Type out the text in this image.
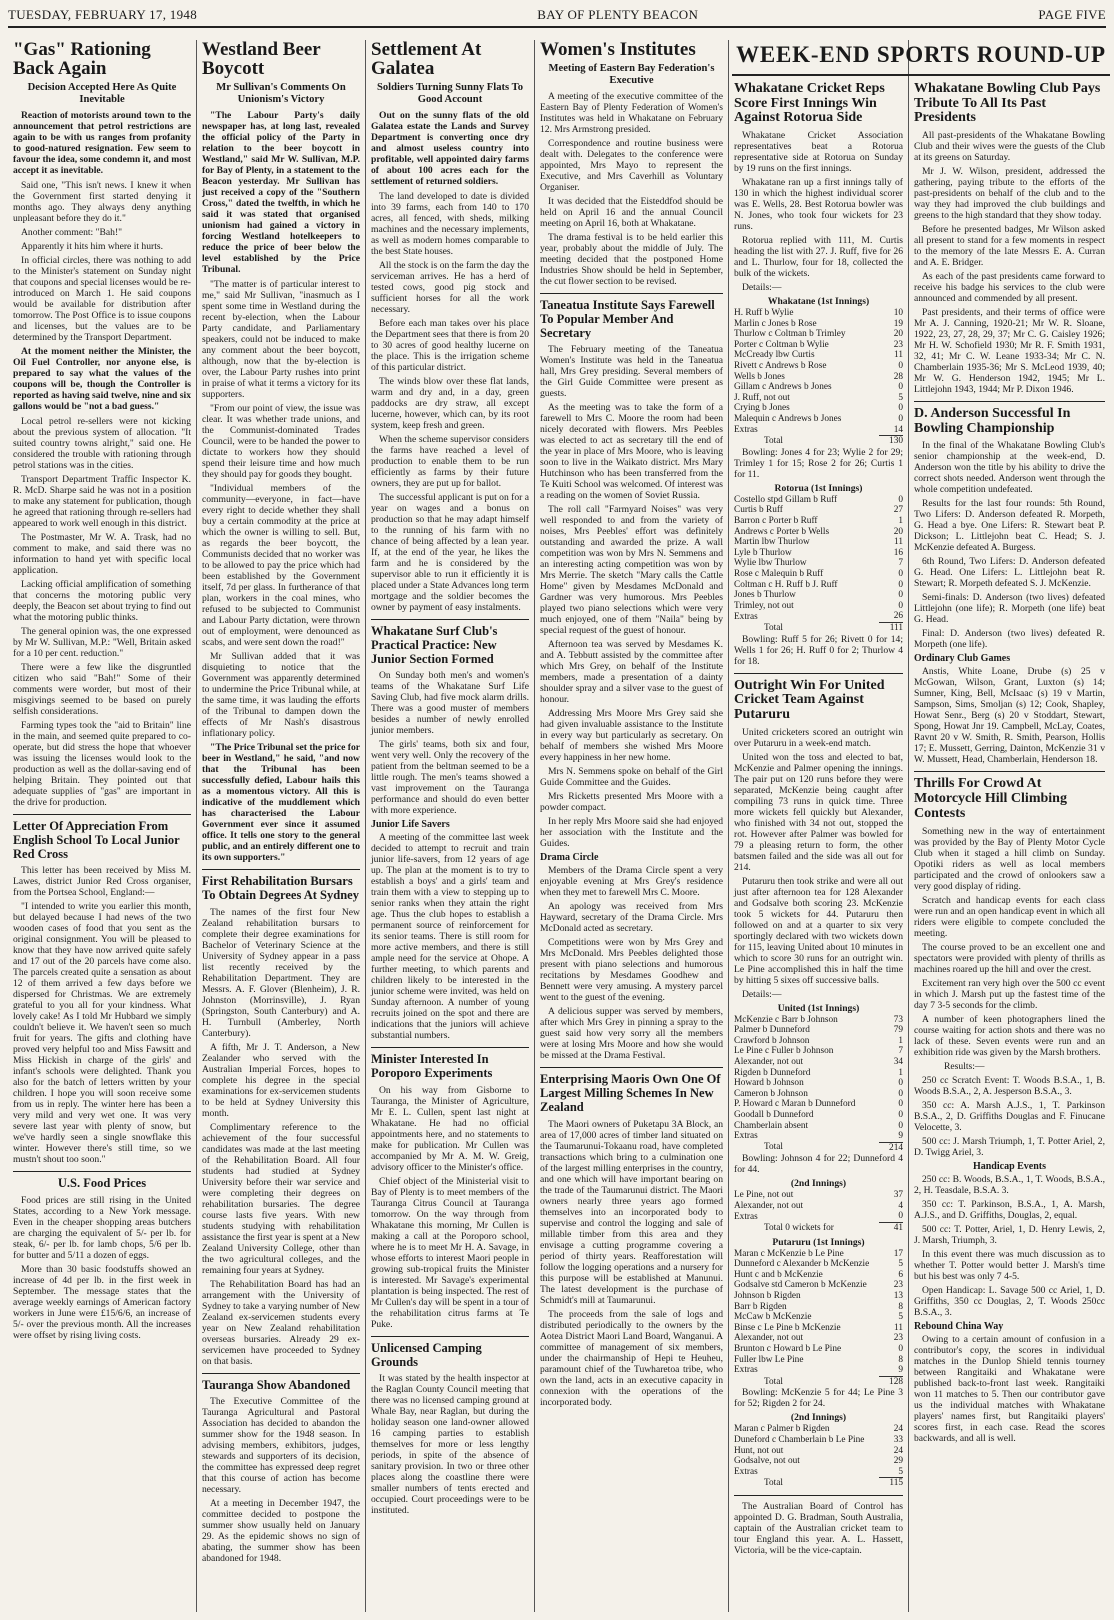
TUESDAY, FEBRUARY 17, 1948	BAY OF PLENTY BEACON	PAGE FIVE
"Gas" Rationing Back Again
Decision Accepted Here As Quite Inevitable

Reaction of motorists around town to the announcement that petrol restrictions are again to be with us ranges from profanity to good-natured resignation. Few seem to favour the idea, some condemn it, and most accept it as inevitable.

Said one, "This isn't news. I knew it when the Government first started denying it months ago. They always deny anything unpleasant before they do it."

Another comment: "Bah!"

Apparently it hits him where it hurts.

In official circles, there was nothing to add to the Minister's statement on Sunday night that coupons and special licenses would be re-introduced on March 1. He said coupons would be available for distribution after tomorrow. The Post Office is to issue coupons and licenses, but the values are to be determined by the Transport Department.

At the moment neither the Minister, the Oil Fuel Controller, nor anyone else, is prepared to say what the values of the coupons will be, though the Controller is reported as having said twelve, nine and six gallons would be "not a bad guess."

Local petrol re-sellers were not kicking about the previous system of allocation. "It suited country towns alright," said one. He considered the trouble with rationing through petrol stations was in the cities.

Transport Department Traffic Inspector K. R. McD. Sharpe said he was not in a position to make any statement for publication, though he agreed that rationing through re-sellers had appeared to work well enough in this district.

The Postmaster, Mr W. A. Trask, had no comment to make, and said there was no information to hand yet with specific local application.

Lacking official amplification of something that concerns the motoring public very deeply, the Beacon set about trying to find out what the motoring public thinks.

The general opinion was, the one expressed by Mr W. Sullivan, M.P.: "Well, Britain asked for a 10 per cent. reduction."

There were a few like the disgruntled citizen who said "Bah!" Some of their comments were worder, but most of their misgivings seemed to be based on purely selfish considerations.

Farming types took the "aid to Britain" line in the main, and seemed quite prepared to co-operate, but did stress the hope that whoever was issuing the licenses would look to the production as well as the dollar-saving end of helping Britain. They pointed out that adequate supplies of "gas" are important in the drive for production.

Letter Of Appreciation From English School To Local Junior Red Cross

This letter has been received by Miss M. Lawes, district Junior Red Cross organiser, from the Portsea School, England:—

"I intended to write you earlier this month, but delayed because I had news of the two wooden cases of food that you sent as the original consignment. You will be pleased to know that they have now arrived quite safely and 17 out of the 20 parcels have come also. The parcels created quite a sensation as about 12 of them arrived a few days before we dispersed for Christmas. We are extremely grateful to you all for your kindness. What lovely cake! As I told Mr Hubbard we simply couldn't believe it. We haven't seen so much fruit for years. The gifts and clothing have proved very helpful too and Miss Fawsitt and Miss Hickish in charge of the girls' and infant's schools were delighted. Thank you also for the batch of letters written by your children. I hope you will soon receive some from us in reply. The winter here has been a very mild and very wet one. It was very severe last year with plenty of snow, but we've hardly seen a single snowflake this winter. However there's still time, so we mustn't shout too soon."

U.S. Food Prices

Food prices are still rising in the United States, according to a New York message. Even in the cheaper shopping areas butchers are charging the equivalent of 5/- per lb. for steak, 6/- per lb. for lamb chops, 5/6 per lb. for butter and 5/11 a dozen of eggs.

More than 30 basic foodstuffs showed an increase of 4d per lb. in the first week in September. The message states that the average weekly earnings of American factory workers in June were £15/6/6, an increase of 5/- over the previous month. All the increases were offset by rising living costs.

Westland Beer Boycott
Mr Sullivan's Comments On Unionism's Victory

"The Labour Party's daily newspaper has, at long last, revealed the official policy of the Party in relation to the beer boycott in Westland," said Mr W. Sullivan, M.P. for Bay of Plenty, in a statement to the Beacon yesterday. Mr Sullivan has just received a copy of the "Southern Cross," dated the twelfth, in which he said it was stated that organised unionism had gained a victory in forcing Westland hotelkeepers to reduce the price of beer below the level established by the Price Tribunal.

"The matter is of particular interest to me," said Mr Sullivan, "inasmuch as I spent some time in Westland during the recent by-election, when the Labour Party candidate, and Parliamentary speakers, could not be induced to make any comment about the beer boycott, although, now that the by-election is over, the Labour Party rushes into print in praise of what it terms a victory for its supporters.

"From our point of view, the issue was clear. It was whether trade unions, and the Communist-dominated Trades Council, were to be handed the power to dictate to workers how they should spend their leisure time and how much they should pay for goods they bought.

"Individual members of the community—everyone, in fact—have every right to decide whether they shall buy a certain commodity at the price at which the owner is willing to sell. But, as regards the beer boycott, the Communists decided that no worker was to be allowed to pay the price which had been established by the Government itself, 7d per glass. In furtherance of that plan, workers in the coal mines, who refused to be subjected to Communist and Labour Party dictation, were thrown out of employment, were denounced as scabs, and were sent down the road!"

Mr Sullivan added that it was disquieting to notice that the Government was apparently determined to undermine the Price Tribunal while, at the same time, it was lauding the efforts of the Tribunal to dampen down the effects of Mr Nash's disastrous inflationary policy.

"The Price Tribunal set the price for beer in Westland," he said, "and now that the Tribunal has been successfully defied, Labour hails this as a momentous victory. All this is indicative of the muddlement which has characterised the Labour Government ever since it assumed office. It tells one story to the general public, and an entirely different one to its own supporters."

First Rehabilitation Bursars To Obtain Degrees At Sydney

The names of the first four New Zealand rehabilitation bursars to complete their degree examinations for Bachelor of Veterinary Science at the University of Sydney appear in a pass list recently received by the Rehabilitation Department. They are Messrs. A. F. Glover (Blenheim), J. R. Johnston (Morrinsville), J. Ryan (Springston, South Canterbury) and A. H. Turnbull (Amberley, North Canterbury).

A fifth, Mr J. T. Anderson, a New Zealander who served with the Australian Imperial Forces, hopes to complete his degree in the special examinations for ex-servicemen students to be held at Sydney University this month.

Complimentary reference to the achievement of the four successful candidates was made at the last meeting of the Rehabilitation Board. All four students had studied at Sydney University before their war service and were completing their degrees on rehabilitation bursaries. The degree course lasts five years. With new students studying with rehabilitation assistance the first year is spent at a New Zealand University College, other than the two agricultural colleges, and the remaining four years at Sydney.

The Rehabilitation Board has had an arrangement with the University of Sydney to take a varying number of New Zealand ex-servicemen students every year on New Zealand rehabilitation overseas bursaries. Already 29 ex-servicemen have proceeded to Sydney on that basis.

Tauranga Show Abandoned

The Executive Committee of the Tauranga Agricultural and Pastoral Association has decided to abandon the summer show for the 1948 season. In advising members, exhibitors, judges, stewards and supporters of its decision, the committee has expressed deep regret that this course of action has become necessary.

At a meeting in December 1947, the committee decided to postpone the summer show usually held on January 29. As the epidemic shows no sign of abating, the summer show has been abandoned for 1948.

Settlement At Galatea
Soldiers Turning Sunny Flats To Good Account

Out on the sunny flats of the old Galatea estate the Lands and Survey Department is converting once dry and almost useless country into profitable, well appointed dairy farms of about 100 acres each for the settlement of returned soldiers.

The land developed to date is divided into 39 farms, each from 140 to 170 acres, all fenced, with sheds, milking machines and the necessary implements, as well as modern homes comparable to the best State houses.

All the stock is on the farm the day the serviceman arrives. He has a herd of tested cows, good pig stock and sufficient horses for all the work necessary.

Before each man takes over his place the Department sees that there is from 20 to 30 acres of good healthy lucerne on the place. This is the irrigation scheme of this particular district.

The winds blow over these flat lands, warm and dry and, in a day, green paddocks are dry straw, all except lucerne, however, which can, by its root system, keep fresh and green.

When the scheme supervisor considers the farms have reached a level of production to enable them to be run efficiently as farms by their future owners, they are put up for ballot.

The successful applicant is put on for a year on wages and a bonus on production so that he may adapt himself to the running of his farm with no chance of being affected by a lean year. If, at the end of the year, he likes the farm and he is considered by the supervisor able to run it efficiently it is placed under a State Advances long term mortgage and the soldier becomes the owner by payment of easy instalments.

Whakatane Surf Club's Practical Practice: New Junior Section Formed

On Sunday both men's and women's teams of the Whakatane Surf Life Saving Club, had five mock alarm drills. There was a good muster of members besides a number of newly enrolled junior members.

The girls' teams, both six and four, went very well. Only the recovery of the patient from the beltman seemed to be a little rough. The men's teams showed a vast improvement on the Tauranga performance and should do even better with more experience.

Junior Life Savers

A meeting of the committee last week decided to attempt to recruit and train junior life-savers, from 12 years of age up. The plan at the moment is to try to establish a boys' and a girls' team and train them with a view to stepping up to senior ranks when they attain the right age. Thus the club hopes to establish a permanent source of reinforcement for its senior teams. There is still room for more active members, and there is still ample need for the service at Ohope. A further meeting, to which parents and children likely to be interested in the junior scheme were invited, was held on Sunday afternoon. A number of young recruits joined on the spot and there are indications that the juniors will achieve substantial numbers.

Minister Interested In Poroporo Experiments

On his way from Gisborne to Tauranga, the Minister of Agriculture, Mr E. L. Cullen, spent last night at Whakatane. He had no official appointments here, and no statements to make for publication. Mr Cullen was accompanied by Mr A. M. W. Greig, advisory officer to the Minister's office.

Chief object of the Ministerial visit to Bay of Plenty is to meet members of the Tauranga Citrus Council at Tauranga tomorrow. On the way through from Whakatane this morning, Mr Cullen is making a call at the Poroporo school, where he is to meet Mr H. A. Savage, in whose efforts to interest Maori people in growing sub-tropical fruits the Minister is interested. Mr Savage's experimental plantation is being inspected. The rest of Mr Cullen's day will be spent in a tour of the rehabilitation citrus farms at Te Puke.

Unlicensed Camping Grounds

It was stated by the health inspector at the Raglan County Council meeting that there was no licensed camping ground at Whale Bay, near Raglan, but during the holiday season one land-owner allowed 16 camping parties to establish themselves for more or less lengthy periods, in spite of the absence of sanitary provision. In two or three other places along the coastline there were smaller numbers of tents erected and occupied. Court proceedings were to be instituted.

Women's Institutes
Meeting of Eastern Bay Federation's Executive

A meeting of the executive committee of the Eastern Bay of Plenty Federation of Women's Institutes was held in Whakatane on February 12. Mrs Armstrong presided.

Correspondence and routine business were dealt with. Delegates to the conference were appointed, Mrs Mayo to represent the Executive, and Mrs Caverhill as Voluntary Organiser.

It was decided that the Eisteddfod should be held on April 16 and the annual Council meeting on April 16, both at Whakatane.

The drama festival is to be held earlier this year, probably about the middle of July. The meeting decided that the postponed Home Industries Show should be held in September, the cut flower section to be revised.

Taneatua Institute Says Farewell To Popular Member And Secretary

The February meeting of the Taneatua Women's Institute was held in the Taneatua hall, Mrs Grey presiding. Several members of the Girl Guide Committee were present as guests.

As the meeting was to take the form of a farewell to Mrs C. Moore the room had been nicely decorated with flowers. Mrs Peebles was elected to act as secretary till the end of the year in place of Mrs Moore, who is leaving soon to live in the Waikato district. Mrs Mary Hutchinson who has been transferred from the Te Kuiti School was welcomed. Of interest was a reading on the women of Soviet Russia.

The roll call "Farmyard Noises" was very well responded to and from the variety of noises, Mrs Peebles' effort was definitely outstanding and awarded the prize. A wall competition was won by Mrs N. Semmens and an interesting acting competition was won by Mrs Merrie. The sketch "Mary calls the Cattle Home" given by Mesdames McDonald and Gardner was very humorous. Mrs Peebles played two piano selections which were very much enjoyed, one of them "Naila" being by special request of the guest of honour.

Afternoon tea was served by Mesdames K. and A. Tebbutt assisted by the committee after which Mrs Grey, on behalf of the Institute members, made a presentation of a dainty shoulder spray and a silver vase to the guest of honour.

Addressing Mrs Moore Mrs Grey said she had given invaluable assistance to the Institute in every way but particularly as secretary. On behalf of members she wished Mrs Moore every happiness in her new home.

Mrs N. Semmens spoke on behalf of the Girl Guide Committee and the Guides.

Mrs Ricketts presented Mrs Moore with a powder compact.

In her reply Mrs Moore said she had enjoyed her association with the Institute and the Guides.

Drama Circle

Members of the Drama Circle spent a very enjoyable evening at Mrs Grey's residence when they met to farewell Mrs C. Moore.

An apology was received from Mrs Hayward, secretary of the Drama Circle. Mrs McDonald acted as secretary.

Competitions were won by Mrs Grey and Mrs McDonald. Mrs Peebles delighted those present with piano selections and humorous recitations by Mesdames Goodhew and Bennett were very amusing. A mystery parcel went to the guest of the evening.

A delicious supper was served by members, after which Mrs Grey in pinning a spray to the guest said how very sorry all the members were at losing Mrs Moore and how she would be missed at the Drama Festival.

Enterprising Maoris Own One Of Largest Milling Schemes In New Zealand

The Maori owners of Puketapu 3A Block, an area of 17,000 acres of timber land situated on the Taumarunui-Tokaanu road, have completed transactions which bring to a culmination one of the largest milling enterprises in the country, and one which will have important bearing on the trade of the Taumarunui district. The Maori owners nearly three years ago formed themselves into an incorporated body to supervise and control the logging and sale of millable timber from this area and they envisage a cutting programme covering a period of thirty years. Reafforestation will follow the logging operations and a nursery for this purpose will be established at Manunui. The latest development is the purchase of Schmidt's mill at Taumarunui.

The proceeds from the sale of logs and distributed periodically to the owners by the Aotea District Maori Land Board, Wanganui. A committee of management of six members, under the chairmanship of Hepi te Heuheu, paramount chief of the Tuwharetoa tribe, who own the land, acts in an executive capacity in connexion with the operations of the incorporated body.

WEEK-END SPORTS ROUND-UP
Whakatane Cricket Reps Score First Innings Win Against Rotorua Side

Whakatane Cricket Association representatives beat a Rotorua representative side at Rotorua on Sunday by 19 runs on the first innings.

Whakatane ran up a first innings tally of 130 in which the highest individual scorer was E. Wells, 28. Best Rotorua bowler was N. Jones, who took four wickets for 23 runs.

Rotorua replied with 111, M. Curtis heading the list with 27. J. Ruff, five for 26 and L. Thurlow, four for 18, collected the bulk of the wickets.

Details:—
Whakatane (1st Innings)
H. Ruff b Wylie	10
Marlin c Jones b Rose	19
Thurlow c Coltman b Trimley	20
Porter c Coltman b Wylie	23
McCready lbw Curtis	11
Rivett c Andrews b Rose	0
Wells b Jones	28
Gillam c Andrews b Jones	0
J. Ruff, not out	5
Crying b Jones	0
Malequin c Andrews b Jones	0
Extras	14
Total	130

Bowling: Jones 4 for 23; Wylie 2 for 29; Trimley 1 for 15; Rose 2 for 26; Curtis 1 for 11.

Rotorua (1st Innings)
Costello stpd Gillam b Ruff	0
Curtis b Ruff	27
Barron c Porter b Ruff	1
Andrews c Porter b Wells	20
Martin lbw Thurlow	11
Lyle b Thurlow	16
Wylie lbw Thurlow	7
Rose c Malequin b Ruff	0
Coltman c H. Ruff b J. Ruff	0
Jones b Thurlow	0
Trimley, not out	0
Extras	26
Total	111

Bowling: Ruff 5 for 26; Rivett 0 for 14; Wells 1 for 26; H. Ruff 0 for 2; Thurlow 4 for 18.

Outright Win For United Cricket Team Against Putaruru

United cricketers scored an outright win over Putaruru in a week-end match.

United won the toss and elected to bat, McKenzie and Palmer opening the innings. The pair put on 120 runs before they were separated, McKenzie being caught after compiling 73 runs in quick time. Three more wickets fell quickly but Alexander, who finished with 34 not out, stopped the rot. However after Palmer was bowled for 79 a pleasing return to form, the other batsmen failed and the side was all out for 214.

Putaruru then took strike and were all out just after afternoon tea for 128 Alexander and Godsalve both scoring 23. McKenzie took 5 wickets for 44. Putaruru then followed on and at a quarter to six very sportingly declared with two wickets down for 115, leaving United about 10 minutes in which to score 30 runs for an outright win. Le Pine accomplished this in half the time by hitting 5 sixes off successive balls.

Details:—
United (1st Innings)
McKenzie c Barr b Johnson	73
Palmer b Dunneford	79
Crawford b Johnson	1
Le Pine c Fuller b Johnson	7
Alexander, not out	34
Rigden b Dunneford	1
Howard b Johnson	0
Cameron b Johnson	0
P. Howard c Maran b Dunneford	0
Goodall b Dunneford	0
Chamberlain absent	0
Extras	9
Total	214

Bowling: Johnson 4 for 22; Dunneford 4 for 44.

(2nd Innings)
Le Pine, not out	37
Alexander, not out	4
Extras	0
Total 0 wickets for	41
Putaruru (1st Innings)
Maran c McKenzie b Le Pine	17
Dunneford c Alexander b McKenzie	5
Hunt c and b McKenzie	6
Godsalve std Cameron b McKenzie	23
Johnson b Rigden	13
Barr b Rigden	8
McCaw b McKenzie	5
Binse c Le Pine b McKenzie	11
Alexander, not out	23
Brunton c Howard b Le Pine	0
Fuller lbw Le Pine	8
Extras	9
Total	128

Bowling: McKenzie 5 for 44; Le Pine 3 for 52; Rigden 2 for 24.

(2nd Innings)
Maran c Palmer b Rigden	24
Duneford c Chamberlain b Le Pine	33
Hunt, not out	24
Godsalve, not out	29
Extras	5
Total	115

The Australian Board of Control has appointed D. G. Bradman, South Australia, captain of the Australian cricket team to tour England this year. A. L. Hassett, Victoria, will be the vice-captain.

Whakatane Bowling Club Pays Tribute To All Its Past Presidents

All past-presidents of the Whakatane Bowling Club and their wives were the guests of the Club at its greens on Saturday.

Mr J. W. Wilson, president, addressed the gathering, paying tribute to the efforts of the past-presidents on behalf of the club and to the way they had improved the club buildings and greens to the high standard that they show today.

Before he presented badges, Mr Wilson asked all present to stand for a few moments in respect to the memory of the late Messrs E. A. Curran and A. E. Bridger.

As each of the past presidents came forward to receive his badge his services to the club were announced and commended by all present.

Past presidents, and their terms of office were Mr A. J. Canning, 1920-21; Mr W. R. Sloane, 1922, 23, 27, 28, 29, 37; Mr C. G. Caisley 1926; Mr H. W. Schofield 1930; Mr R. F. Smith 1931, 32, 41; Mr C. W. Leane 1933-34; Mr C. N. Chamberlain 1935-36; Mr S. McLeod 1939, 40; Mr W. G. Henderson 1942, 1945; Mr L. Littlejohn 1943, 1944; Mr P. Dixon 1946.

D. Anderson Successful In Bowling Championship

In the final of the Whakatane Bowling Club's senior championship at the week-end, D. Anderson won the title by his ability to drive the correct shots needed. Anderson went through the whole competition undefeated.

Results for the last four rounds: 5th Round, Two Lifers: D. Anderson defeated R. Morpeth, G. Head a bye. One Lifers: R. Stewart beat P. Dickson; L. Littlejohn beat C. Head; S. J. McKenzie defeated A. Burgess.

6th Round, Two Lifers: D. Anderson defeated G. Head. One Lifers: L. Littlejohn beat R. Stewart; R. Morpeth defeated S. J. McKenzie.

Semi-finals: D. Anderson (two lives) defeated Littlejohn (one life); R. Morpeth (one life) beat G. Head.

Final: D. Anderson (two lives) defeated R. Morpeth (one life).

Ordinary Club Games

Anstis, White Loane, Drube (s) 25 v McGowan, Wilson, Grant, Luxton (s) 14; Sumner, King, Bell, McIsaac (s) 19 v Martin, Sampson, Sims, Smoljan (s) 12; Cook, Shapley, Howat Senr., Berg (s) 20 v Stoddart, Stewart, Spong, Howat Jnr 19. Campbell, McLay, Coates, Ravnt 20 v W. Smith, R. Smith, Pearson, Hollis 17; E. Mussett, Gerring, Dainton, McKenzie 31 v W. Mussett, Head, Chamberlain, Henderson 18.

Thrills For Crowd At Motorcycle Hill Climbing Contests

Something new in the way of entertainment was provided by the Bay of Plenty Motor Cycle Club when it staged a hill climb on Sunday. Opotiki riders as well as local members participated and the crowd of onlookers saw a very good display of riding.

Scratch and handicap events for each class were run and an open handicap event in which all riders were eligible to compete concluded the meeting.

The course proved to be an excellent one and spectators were provided with plenty of thrills as machines roared up the hill and over the crest.

Excitement ran very high over the 500 cc event in which J. Marsh put up the fastest time of the day 7 3-5 seconds for the climb.

A number of keen photographers lined the course waiting for action shots and there was no lack of these. Seven events were run and an exhibition ride was given by the Marsh brothers.

Results:—

250 cc Scratch Event: T. Woods B.S.A., 1, B. Woods B.S.A., 2, A. Jesperson B.S.A., 3.

350 cc: A. Marsh A.J.S., 1, T. Parkinson B.S.A., 2, D. Griffiths Douglas and F. Finucane Velocette, 3.

500 cc: J. Marsh Triumph, 1, T. Potter Ariel, 2, D. Twigg Ariel, 3.

Handicap Events

250 cc: B. Woods, B.S.A., 1, T. Woods, B.S.A., 2, H. Teasdale, B.S.A. 3.

350 cc: T. Parkinson, B.S.A., 1, A. Marsh, A.J.S., and D. Griffiths, Douglas, 2, equal.

500 cc: T. Potter, Ariel, 1, D. Henry Lewis, 2, J. Marsh, Triumph, 3.

In this event there was much discussion as to whether T. Potter would better J. Marsh's time but his best was only 7 4-5.

Open Handicap: L. Savage 500 cc Ariel, 1, D. Griffiths, 350 cc Douglas, 2, T. Woods 250cc B.S.A., 3.

Rebound China Way

Owing to a certain amount of confusion in a contributor's copy, the scores in individual matches in the Dunlop Shield tennis tourney between Rangitaiki and Whakatane were published back-to-front last week. Rangitaiki won 11 matches to 5. Then our contributor gave us the individual matches with Whakatane players' names first, but Rangitaiki players' scores first, in each case. Read the scores backwards, and all is well.
